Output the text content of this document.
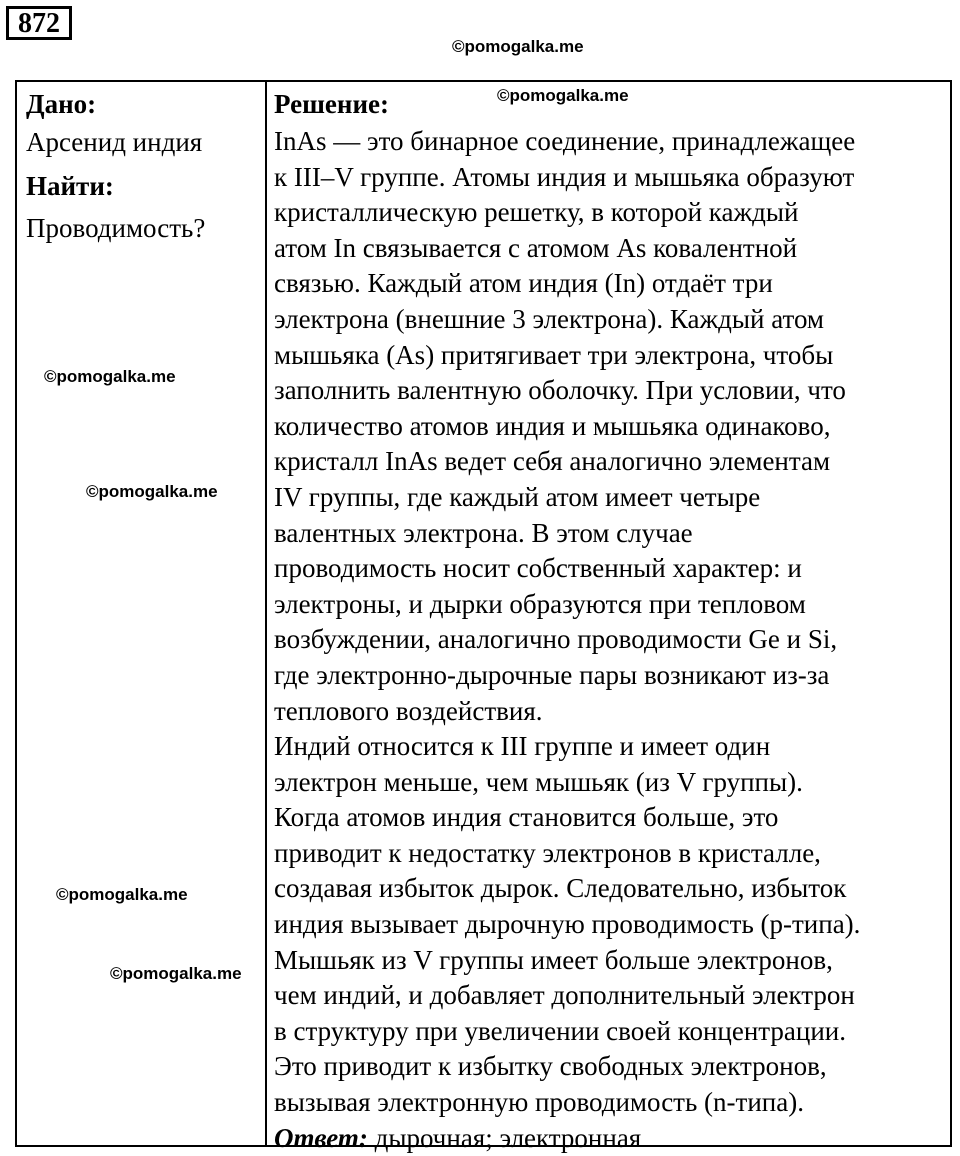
872
©pomogalka.me
Дано:
Арсенид индия
Найти:
Проводимость?
Решение:
InAs — это бинарное соединение, принадлежащее
к III–V группе. Атомы индия и мышьяка образуют
кристаллическую решетку, в которой каждый
атом In связывается с атомом As ковалентной
связью. Каждый атом индия (In) отдаёт три
электрона (внешние 3 электрона). Каждый атом
мышьяка (As) притягивает три электрона, чтобы
заполнить валентную оболочку. При условии, что
количество атомов индия и мышьяка одинаково,
кристалл InAs ведет себя аналогично элементам
IV группы, где каждый атом имеет четыре
валентных электрона. В этом случае
проводимость носит собственный характер: и
электроны, и дырки образуются при тепловом
возбуждении, аналогично проводимости Ge и Si,
где электронно-дырочные пары возникают из-за
теплового воздействия.
Индий относится к III группе и имеет один
электрон меньше, чем мышьяк (из V группы).
Когда атомов индия становится больше, это
приводит к недостатку электронов в кристалле,
создавая избыток дырок. Следовательно, избыток
индия вызывает дырочную проводимость (p-типа).
Мышьяк из V группы имеет больше электронов,
чем индий, и добавляет дополнительный электрон
в структуру при увеличении своей концентрации.
Это приводит к избытку свободных электронов,
вызывая электронную проводимость (n-типа).
Ответ: дырочная; электронная
©pomogalka.me
©pomogalka.me
©pomogalka.me
©pomogalka.me
©pomogalka.me
